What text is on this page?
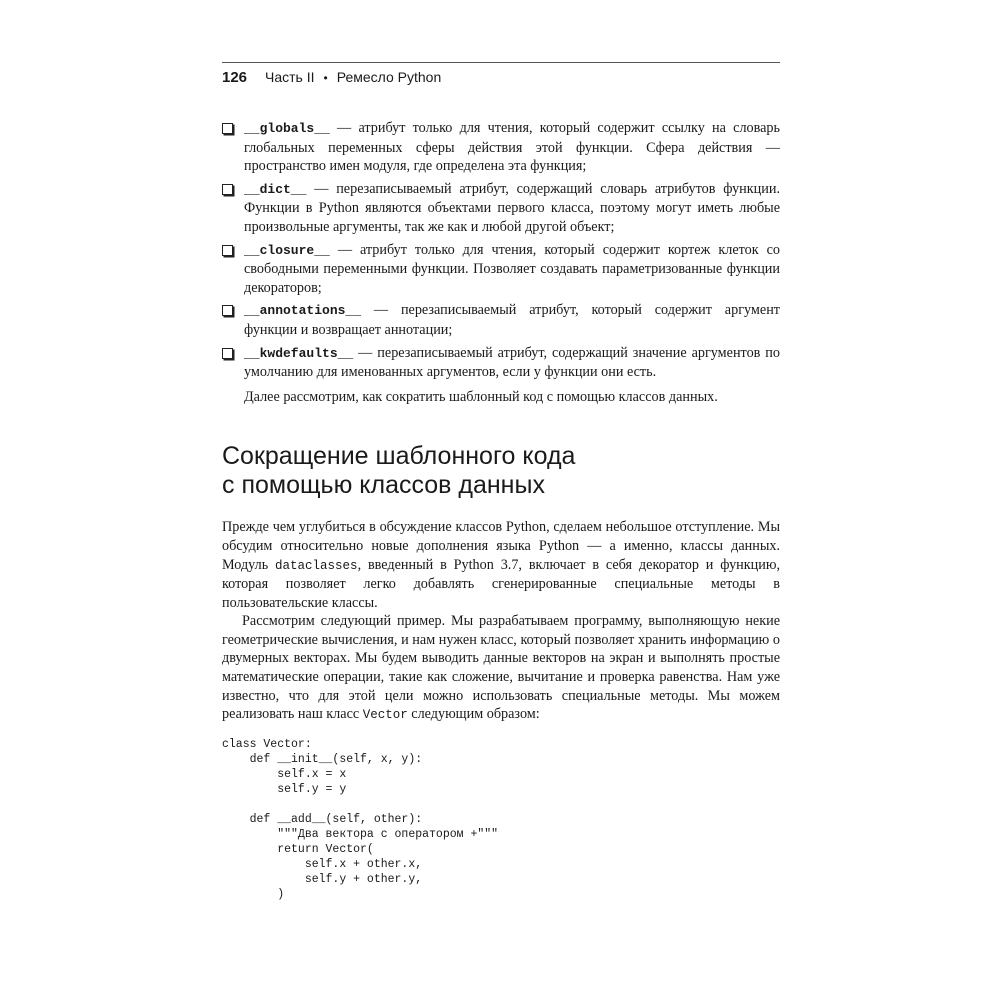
126 Часть II • Ремесло Python
__globals__ — атрибут только для чтения, который содержит ссылку на словарь глобальных переменных сферы действия этой функции. Сфера действия — пространство имен модуля, где определена эта функция;
__dict__ — перезаписываемый атрибут, содержащий словарь атрибутов функции. Функции в Python являются объектами первого класса, поэтому могут иметь любые произвольные аргументы, так же как и любой другой объект;
__closure__ — атрибут только для чтения, который содержит кортеж клеток со свободными переменными функции. Позволяет создавать параметризованные функции декораторов;
__annotations__ — перезаписываемый атрибут, который содержит аргумент функции и возвращает аннотации;
__kwdefaults__ — перезаписываемый атрибут, содержащий значение аргументов по умолчанию для именованных аргументов, если у функции они есть.

Далее рассмотрим, как сократить шаблонный код с помощью классов данных.

Сокращение шаблонного кода
с помощью классов данных

Прежде чем углубиться в обсуждение классов Python, сделаем небольшое отступление. Мы обсудим относительно новые дополнения языка Python — а именно, классы данных. Модуль dataclasses, введенный в Python 3.7, включает в себя декоратор и функцию, которая позволяет легко добавлять сгенерированные специальные методы в пользовательские классы.

Рассмотрим следующий пример. Мы разрабатываем программу, выполняющую некие геометрические вычисления, и нам нужен класс, который позволяет хранить информацию о двумерных векторах. Мы будем выводить данные векторов на экран и выполнять простые математические операции, такие как сложение, вычитание и проверка равенства. Нам уже известно, что для этой цели можно использовать специальные методы. Мы можем реализовать наш класс Vector следующим образом:

class Vector:
def __init__(self, x, y):
self.x = x
self.y = y

def __add__(self, other):
"""Два вектора с оператором +"""
return Vector(
self.x + other.x,
self.y + other.y,
)
